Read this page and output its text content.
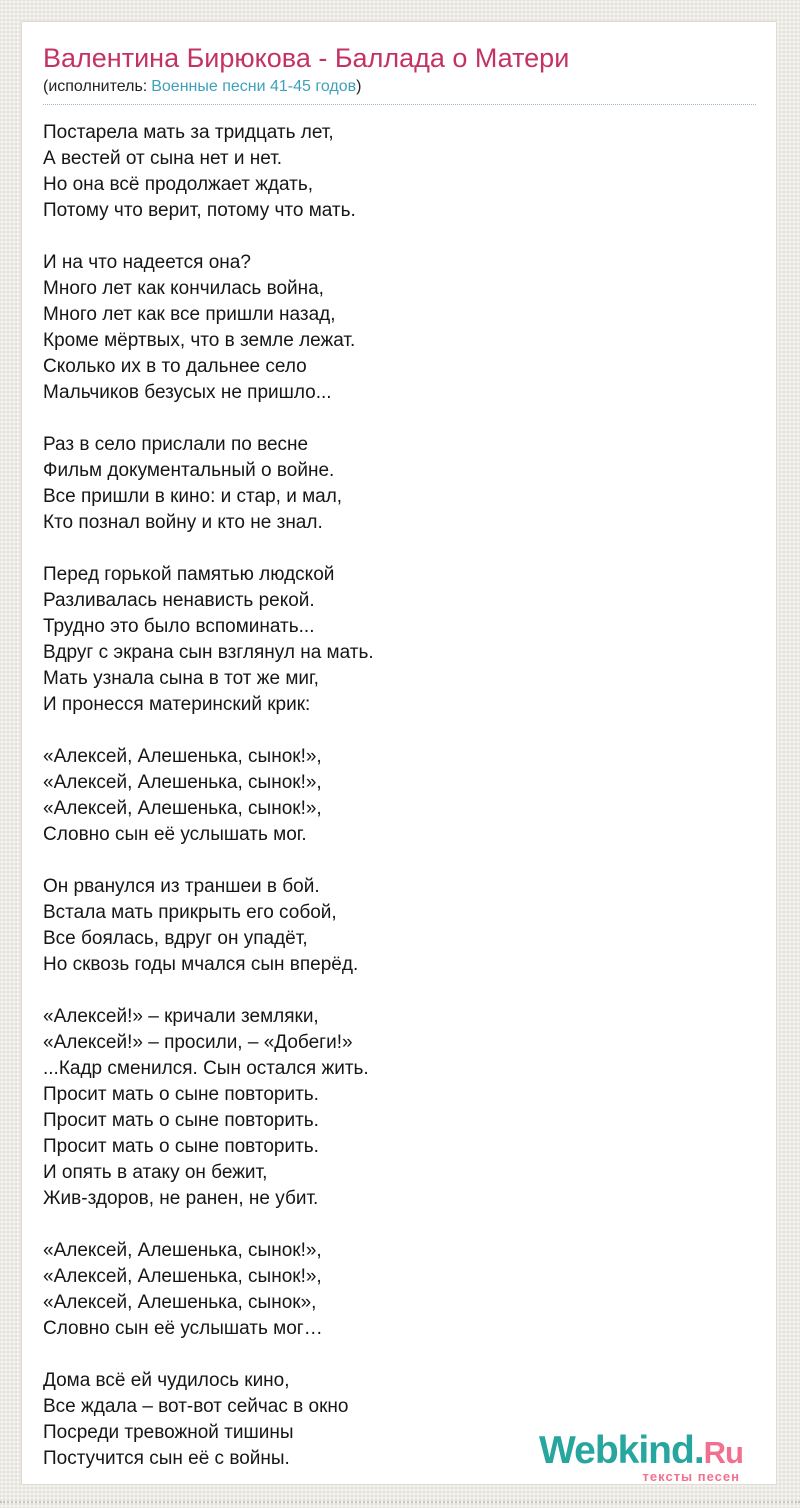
Валентина Бирюкова - Баллада о Матери
(исполнитель: Военные песни 41-45 годов)

Постарела мать за тридцать лет,
А вестей от сына нет и нет.
Но она всё продолжает ждать,
Потому что верит, потому что мать.

И на что надеется она?
Много лет как кончилась война,
Много лет как все пришли назад,
Кроме мёртвых, что в земле лежат.
Сколько их в то дальнее село
Мальчиков безусых не пришло...

Раз в село прислали по весне
Фильм документальный о войне.
Все пришли в кино: и стар, и мал,
Кто познал войну и кто не знал.

Перед горькой памятью людской
Разливалась ненависть рекой.
Трудно это было вспоминать...
Вдруг с экрана сын взглянул на мать.
Мать узнала сына в тот же миг,
И пронесся материнский крик:

«Алексей, Алешенька, сынок!»,
«Алексей, Алешенька, сынок!»,
«Алексей, Алешенька, сынок!»,
Словно сын её услышать мог.

Он рванулся из траншеи в бой.
Встала мать прикрыть его собой,
Все боялась, вдруг он упадёт,
Но сквозь годы мчался сын вперёд.

«Алексей!» – кричали земляки,
«Алексей!» – просили, – «Добеги!»
...Кадр сменился. Сын остался жить.
Просит мать о сыне повторить.
Просит мать о сыне повторить.
Просит мать о сыне повторить.
И опять в атаку он бежит,
Жив-здоров, не ранен, не убит.

«Алексей, Алешенька, сынок!»,
«Алексей, Алешенька, сынок!»,
«Алексей, Алешенька, сынок»,
Словно сын её услышать мог…

Дома всё ей чудилось кино,
Все ждала – вот-вот сейчас в окно
Посреди тревожной тишины
Постучится сын её с войны.	Webkind.Ru
тексты песен
